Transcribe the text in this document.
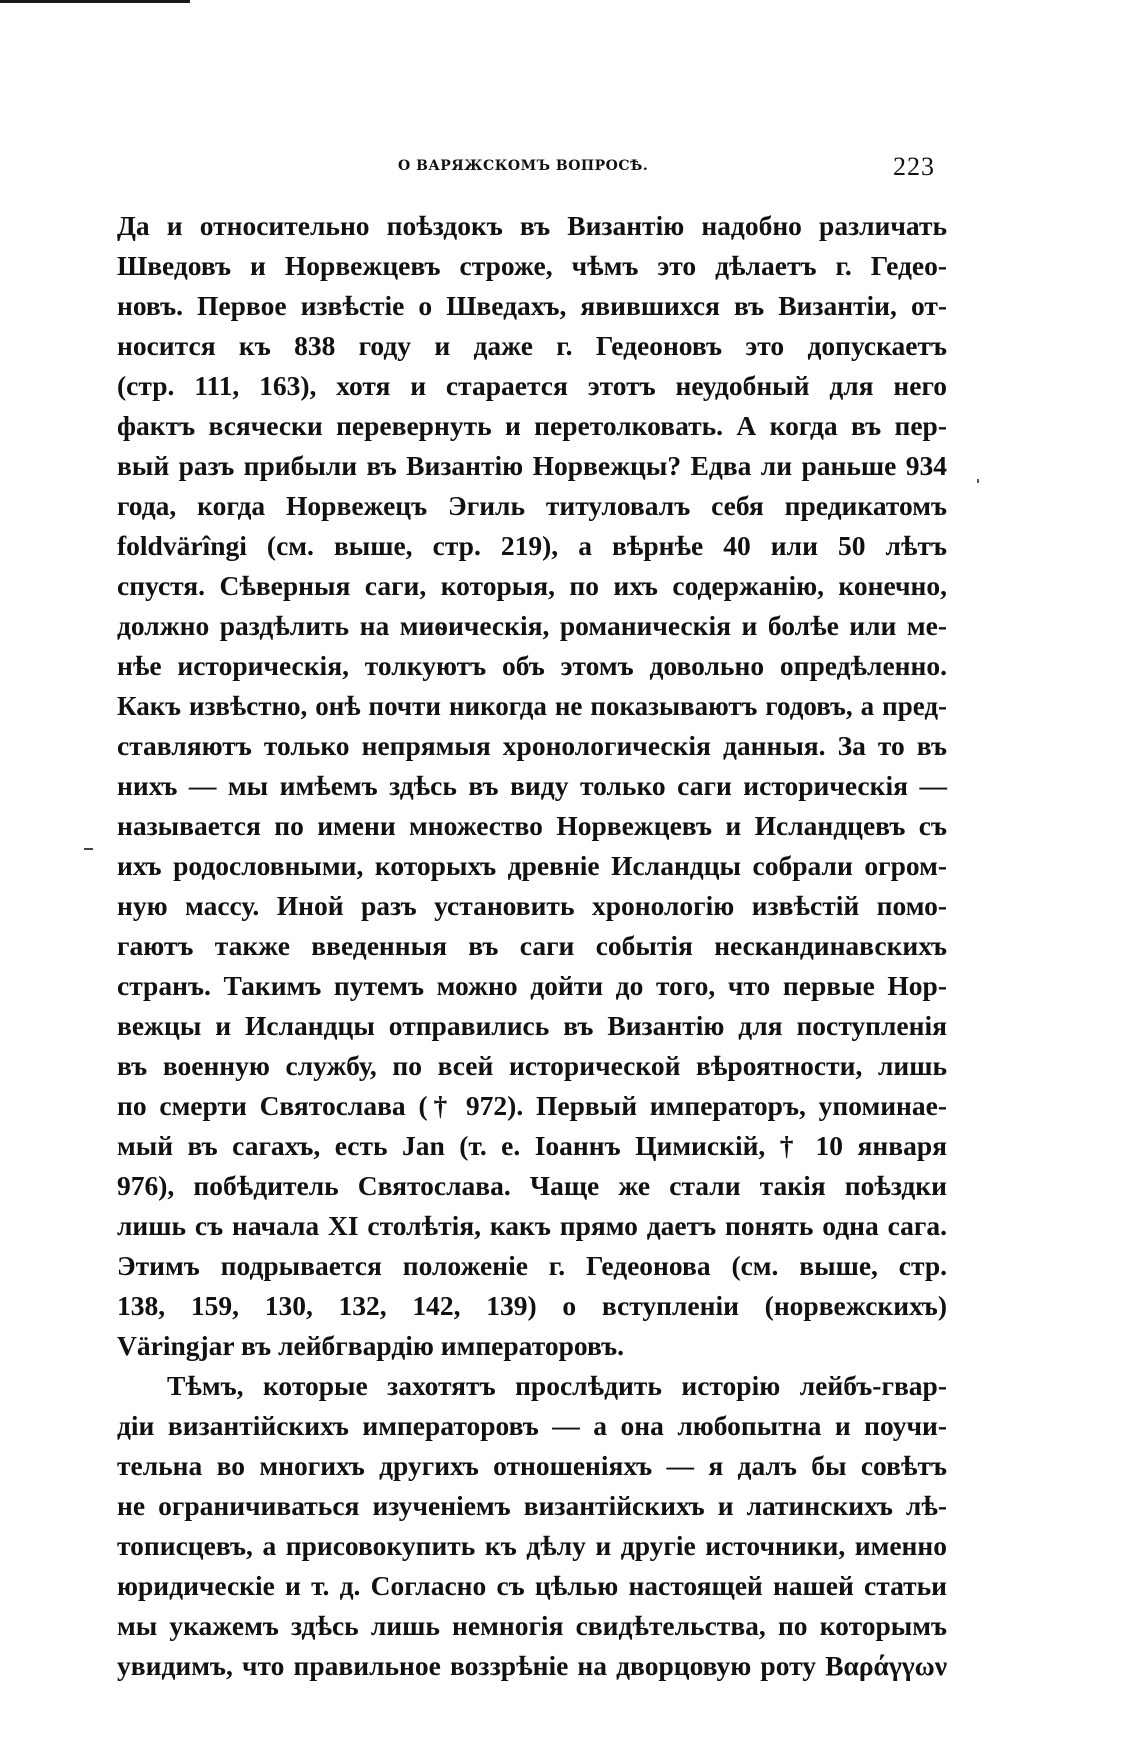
О ВАРЯЖСКОМЪ ВОПРОСѢ.	223
Да и относительно поѣздокъ въ Византію надобно различать
Шведовъ и Норвежцевъ строже, чѣмъ это дѣлаетъ г. Гедео-
новъ. Первое извѣстіе о Шведахъ, явившихся въ Византіи, от-
носится къ 838 году и даже г. Гедеоновъ это допускаетъ
(стр. 111, 163), хотя и старается этотъ неудобный для него
фактъ всячески перевернуть и перетолковать. А когда въ пер-
вый разъ прибыли въ Византію Норвежцы? Едва ли раньше 934
года, когда Норвежецъ Эгиль титуловалъ себя предикатомъ
foldvärîngi (см. выше, стр. 219), а вѣрнѣе 40 или 50 лѣтъ
спустя. Сѣверныя саги, которыя, по ихъ содержанію, конечно,
должно раздѣлить на миѳическія, романическія и болѣе или ме-
нѣе историческія, толкуютъ объ этомъ довольно опредѣленно.
Какъ извѣстно, онѣ почти никогда не показываютъ годовъ, а пред-
ставляютъ только непрямыя хронологическія данныя. За то въ
нихъ — мы имѣемъ здѣсь въ виду только саги историческія —
называется по имени множество Норвежцевъ и Исландцевъ съ
ихъ родословными, которыхъ древніе Исландцы собрали огром-
ную массу. Иной разъ установить хронологію извѣстій помо-
гаютъ также введенныя въ саги событія нескандинавскихъ
странъ. Такимъ путемъ можно дойти до того, что первые Нор-
вежцы и Исландцы отправились въ Византію для поступленія
въ военную службу, по всей исторической вѣроятности, лишь
по смерти Святослава († 972). Первый императоръ, упоминае-
мый въ сагахъ, есть Jan (т. е. Іоаннъ Цимискій, † 10 января
976), побѣдитель Святослава. Чаще же стали такія поѣздки
лишь съ начала XI столѣтія, какъ прямо даетъ понять одна сага.
Этимъ подрывается положеніе г. Гедеонова (см. выше, стр.
138, 159, 130, 132, 142, 139) о вступленіи (норвежскихъ)
Väringjar въ лейбгвардію императоровъ.
Тѣмъ, которые захотятъ прослѣдить исторію лейбъ-гвар-
діи византійскихъ императоровъ — а она любопытна и поучи-
тельна во многихъ другихъ отношеніяхъ — я далъ бы совѣтъ
не ограничиваться изученіемъ византійскихъ и латинскихъ лѣ-
тописцевъ, а присовокупить къ дѣлу и другіе источники, именно
юридическіе и т. д. Согласно съ цѣлью настоящей нашей статьи
мы укажемъ здѣсь лишь немногія свидѣтельства, по которымъ
увидимъ, что правильное воззрѣніе на дворцовую роту Βαράγγων
